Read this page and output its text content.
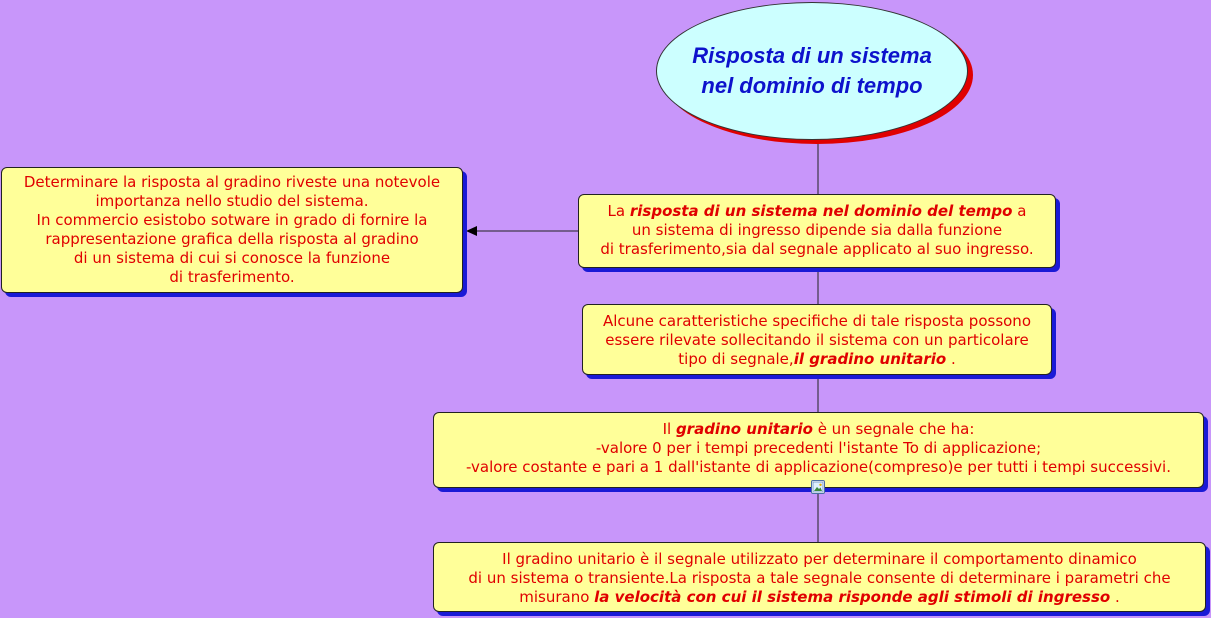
Risposta di un sistema
nel dominio di tempo
Determinare la risposta al gradino riveste una notevole
importanza nello studio del sistema.
In commercio esistobo sotware in grado di fornire la
rappresentazione grafica della risposta al gradino
di un sistema di cui si conosce la funzione
di trasferimento.
La risposta di un sistema nel dominio del tempo a
un sistema di ingresso dipende sia dalla funzione
di trasferimento,sia dal segnale applicato al suo ingresso.
Alcune caratteristiche specifiche di tale risposta possono
essere rilevate sollecitando il sistema con un particolare
tipo di segnale,il gradino unitario .
Il gradino unitario è un segnale che ha:
-valore 0 per i tempi precedenti l'istante To di applicazione;
-valore costante e pari a 1 dall'istante di applicazione(compreso)e per tutti i tempi successivi.
Il gradino unitario è il segnale utilizzato per determinare il comportamento dinamico
di un sistema o transiente.La risposta a tale segnale consente di determinare i parametri che
misurano la velocità con cui il sistema risponde agli stimoli di ingresso .
